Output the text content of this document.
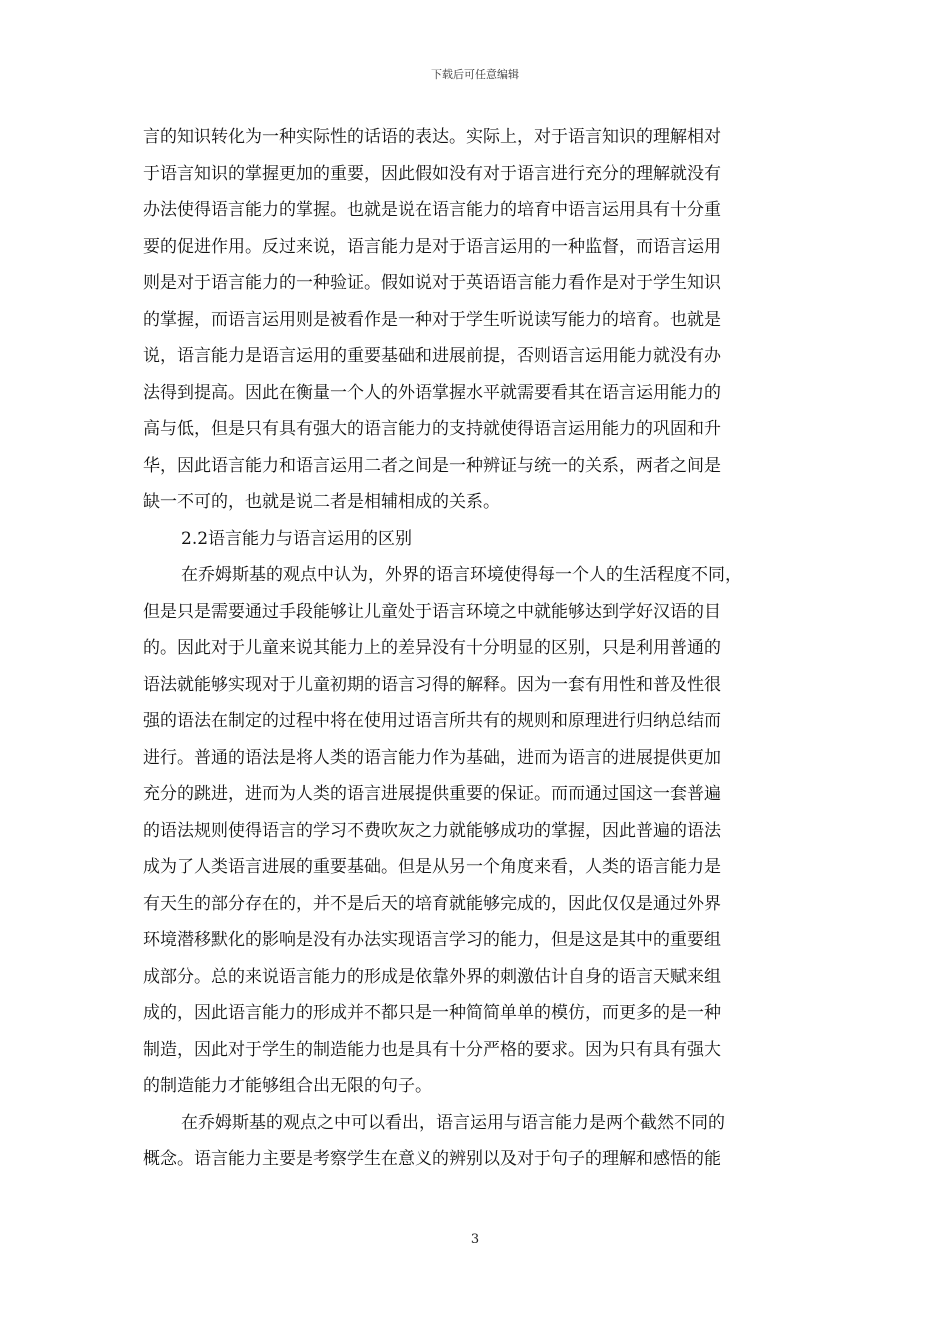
下载后可任意编辑
言的知识转化为一种实际性的话语的表达。实际上，对于语言知识的理解相对
于语言知识的掌握更加的重要，因此假如没有对于语言进行充分的理解就没有
办法使得语言能力的掌握。也就是说在语言能力的培育中语言运用具有十分重
要的促进作用。反过来说，语言能力是对于语言运用的一种监督，而语言运用
则是对于语言能力的一种验证。假如说对于英语语言能力看作是对于学生知识
的掌握，而语言运用则是被看作是一种对于学生听说读写能力的培育。也就是
说，语言能力是语言运用的重要基础和进展前提，否则语言运用能力就没有办
法得到提高。因此在衡量一个人的外语掌握水平就需要看其在语言运用能力的
高与低，但是只有具有强大的语言能力的支持就使得语言运用能力的巩固和升
华，因此语言能力和语言运用二者之间是一种辨证与统一的关系，两者之间是
缺一不可的，也就是说二者是相辅相成的关系。
2.2语言能力与语言运用的区别
在乔姆斯基的观点中认为，外界的语言环境使得每一个人的生活程度不同，
但是只是需要通过手段能够让儿童处于语言环境之中就能够达到学好汉语的目
的。因此对于儿童来说其能力上的差异没有十分明显的区别，只是利用普通的
语法就能够实现对于儿童初期的语言习得的解释。因为一套有用性和普及性很
强的语法在制定的过程中将在使用过语言所共有的规则和原理进行归纳总结而
进行。普通的语法是将人类的语言能力作为基础，进而为语言的进展提供更加
充分的跳进，进而为人类的语言进展提供重要的保证。而而通过国这一套普遍
的语法规则使得语言的学习不费吹灰之力就能够成功的掌握，因此普遍的语法
成为了人类语言进展的重要基础。但是从另一个角度来看，人类的语言能力是
有天生的部分存在的，并不是后天的培育就能够完成的，因此仅仅是通过外界
环境潜移默化的影响是没有办法实现语言学习的能力，但是这是其中的重要组
成部分。总的来说语言能力的形成是依靠外界的刺激估计自身的语言天赋来组
成的，因此语言能力的形成并不都只是一种简简单单的模仿，而更多的是一种
制造，因此对于学生的制造能力也是具有十分严格的要求。因为只有具有强大
的制造能力才能够组合出无限的句子。
在乔姆斯基的观点之中可以看出，语言运用与语言能力是两个截然不同的
概念。语言能力主要是考察学生在意义的辨别以及对于句子的理解和感悟的能
3
